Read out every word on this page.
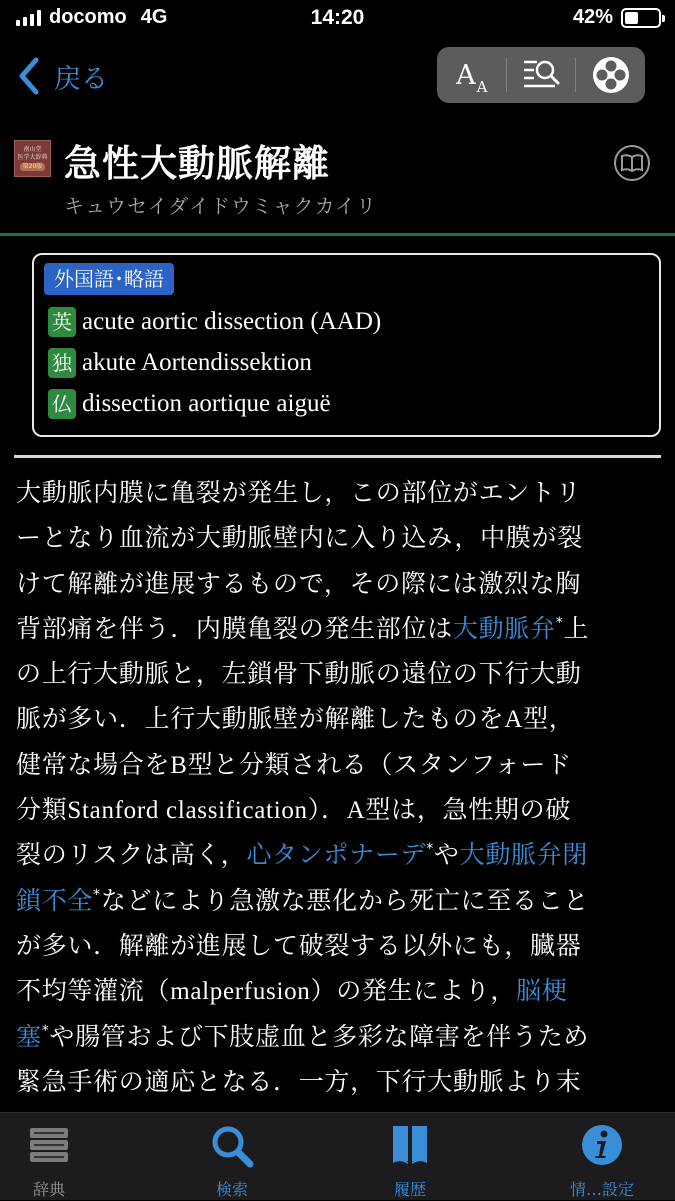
docomo 4G	14:20	42%
戻る	AA
南山堂
医学大辞典
第20版 急性大動脈解離
キュウセイダイドウミャクカイリ
外国語･略語
英 acute aortic dissection (AAD)
独 akute Aortendissektion
仏 dissection aortique aiguë
大動脈内膜に亀裂が発生し，この部位がエントリ
ーとなり血流が大動脈壁内に入り込み，中膜が裂
けて解離が進展するもので，その際には激烈な胸
背部痛を伴う．内膜亀裂の発生部位は大動脈弁*上
の上行大動脈と，左鎖骨下動脈の遠位の下行大動
脈が多い．上行大動脈壁が解離したものをA型，
健常な場合をB型と分類される（スタンフォード
分類Stanford classification）．A型は，急性期の破
裂のリスクは高く，心タンポナーデ*や大動脈弁閉
鎖不全*などにより急激な悪化から死亡に至ること
が多い．解離が進展して破裂する以外にも，臓器
不均等灌流（malperfusion）の発生により，脳梗
塞*や腸管および下肢虚血と多彩な障害を伴うため
緊急手術の適応となる．一方，下行大動脈より末
辞典	検索	履歴	情…設定
